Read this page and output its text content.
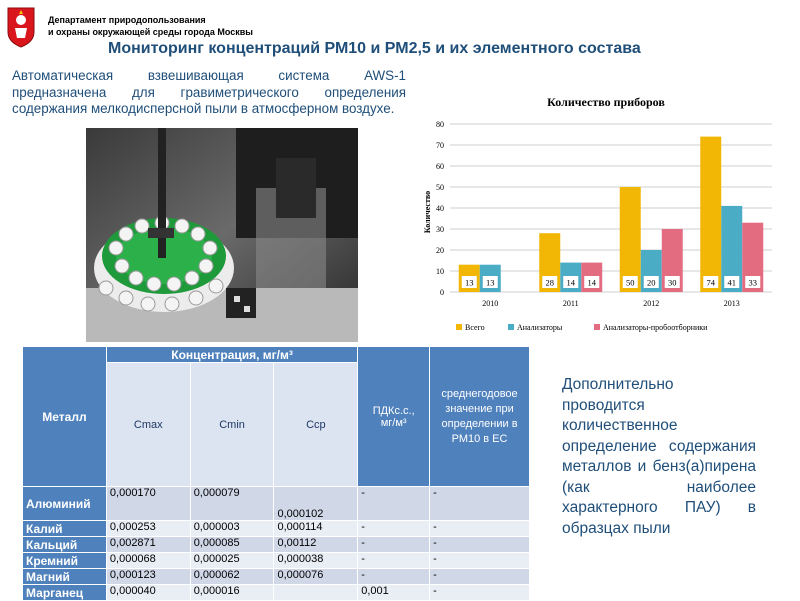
Департамент природопользования
и охраны окружающей среды города Москвы
Мониторинг концентраций РМ10 и РМ2,5 и их элементного состава
Автоматическая взвешивающая система AWS-1 предназначена для гравиметрического определения содержания мелкодисперсной пыли в атмосферном воздухе.	Количество приборов
Количество
0
10
20
30
40
50
60
70
80
13 13	28 14 14	50 20 30	74 41 33
2010	2011	2012	2013
Всего	Анализаторы	Анализаторы-пробоотборники
Металл	Концентрация, мг/м³			ПДКс.с.,
мг/м³	среднегодовое значение при определении в РМ10 в ЕС
	Cmax	Cmin	Cср		
Алюминий	0,000170	0,000079	0,000102	-	-
Калий	0,000253	0,000003	0,000114	-	-
Кальций	0,002871	0,000085	0,00112	-	-
Кремний	0,000068	0,000025	0,000038	-	-
Магний	0,000123	0,000062	0,000076	-	-
Марганец	0,000040	0,000016		0,001	-
Дополнительно проводится количественное определение содержания металлов и бенз(а)пирена (как наиболее характерного ПАУ) в образцах пыли
